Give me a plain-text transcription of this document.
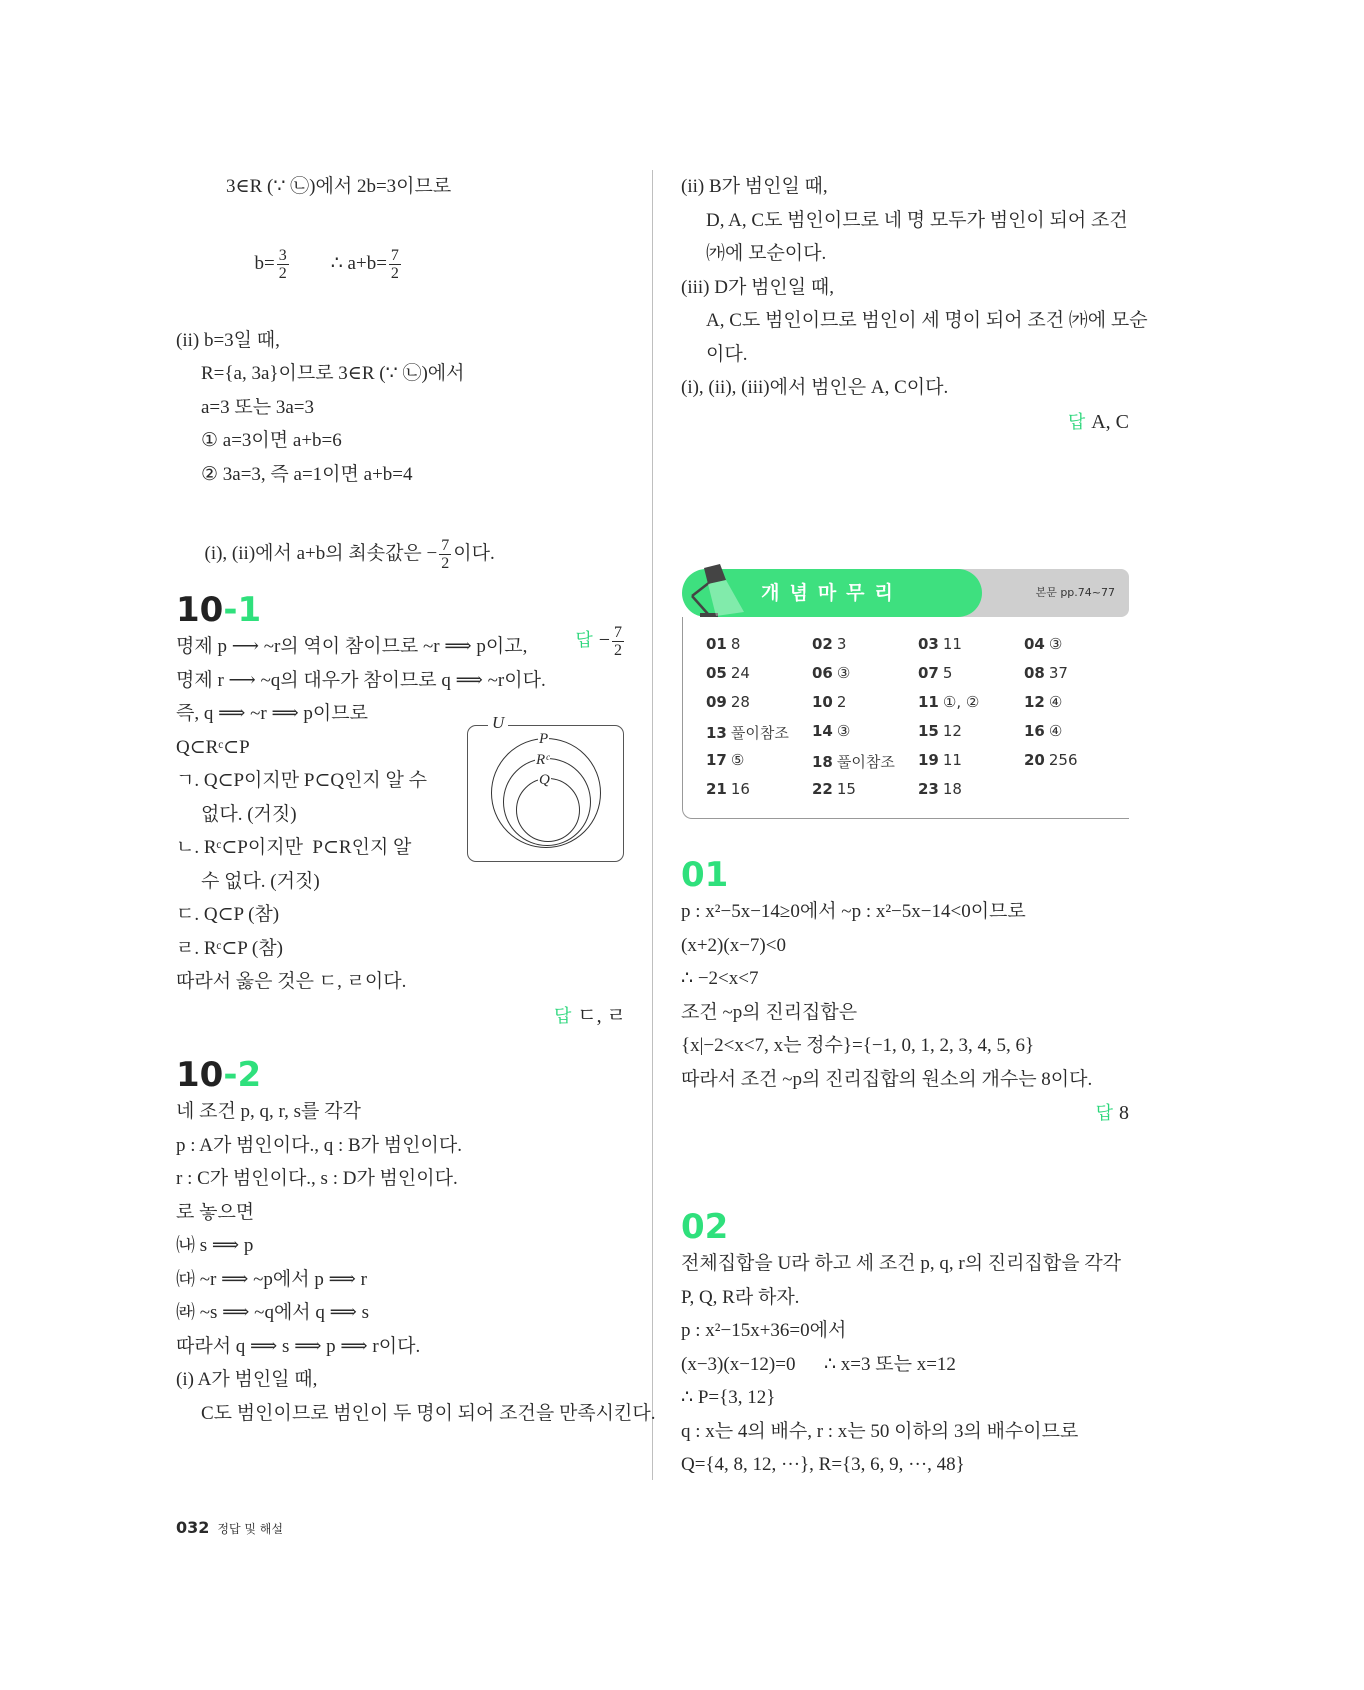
3∈R (∵ ㉡)에서 2b=3이므로

$b= \frac{3}{2}$ ∴ $a+b= \frac{7}{2}$

(ii) b=3일 때,
R={a, 3a}이므로 3∈R (∵ ㉡)에서
a=3 또는 3a=3
① a=3이면 a+b=6
② 3a=3, 즉 a=1이면 a+b=4

(i), (ii)에서 a+b의 최솟값은 − $\frac{7}{2}$ 이다.

답 − $\frac{7}{2}$
10-1
명제 p ⟶ ~r의 역이 참이므로 ~r ⟹ p이고,
명제 r ⟶ ~q의 대우가 참이므로 q ⟹ ~r이다.
즉, q ⟹ ~r ⟹ p이므로
Q⊂Rᶜ⊂P
ㄱ. Q⊂P이지만 P⊂Q인지 알 수
없다. (거짓)
ㄴ. Rᶜ⊂P이지만  P⊂R인지 알
수 없다. (거짓)
ㄷ. Q⊂P (참)
ㄹ. Rᶜ⊂P (참)
따라서 옳은 것은 ㄷ, ㄹ이다.
답 ㄷ, ㄹ
U
P
Rᶜ
Q
10-2
네 조건 p, q, r, s를 각각
p : A가 범인이다., q : B가 범인이다.
r : C가 범인이다., s : D가 범인이다.
로 놓으면
㈏ s ⟹ p
㈐ ~r ⟹ ~p에서 p ⟹ r
㈑ ~s ⟹ ~q에서 q ⟹ s
따라서 q ⟹ s ⟹ p ⟹ r이다.
(i) A가 범인일 때,
C도 범인이므로 범인이 두 명이 되어 조건을 만족시킨다.
(ii) B가 범인일 때,
D, A, C도 범인이므로 네 명 모두가 범인이 되어 조건
㈎에 모순이다.
(iii) D가 범인일 때,
A, C도 범인이므로 범인이 세 명이 되어 조건 ㈎에 모순
이다.
(i), (ii), (iii)에서 범인은 A, C이다.
답 A, C
개념마무리	본문 pp.74~77
01 8	02 3	03 11	04 ③
05 24	06 ③	07 5	08 37
09 28	10 2	11 ①, ②	12 ④
13 풀이참조	14 ③	15 12	16 ④
17 ⑤	18 풀이참조	19 11	20 256
21 16	22 15	23 18
01
p : x²−5x−14≥0에서 ~p : x²−5x−14<0이므로
(x+2)(x−7)<0
∴ −2<x<7
조건 ~p의 진리집합은
{x|−2<x<7, x는 정수}={−1, 0, 1, 2, 3, 4, 5, 6}
따라서 조건 ~p의 진리집합의 원소의 개수는 8이다.
답 8
02
전체집합을 U라 하고 세 조건 p, q, r의 진리집합을 각각
P, Q, R라 하자.
p : x²−15x+36=0에서
(x−3)(x−12)=0      ∴ x=3 또는 x=12
∴ P={3, 12}
q : x는 4의 배수, r : x는 50 이하의 3의 배수이므로
Q={4, 8, 12, ···}, R={3, 6, 9, ···, 48}
032 정답 및 해설
